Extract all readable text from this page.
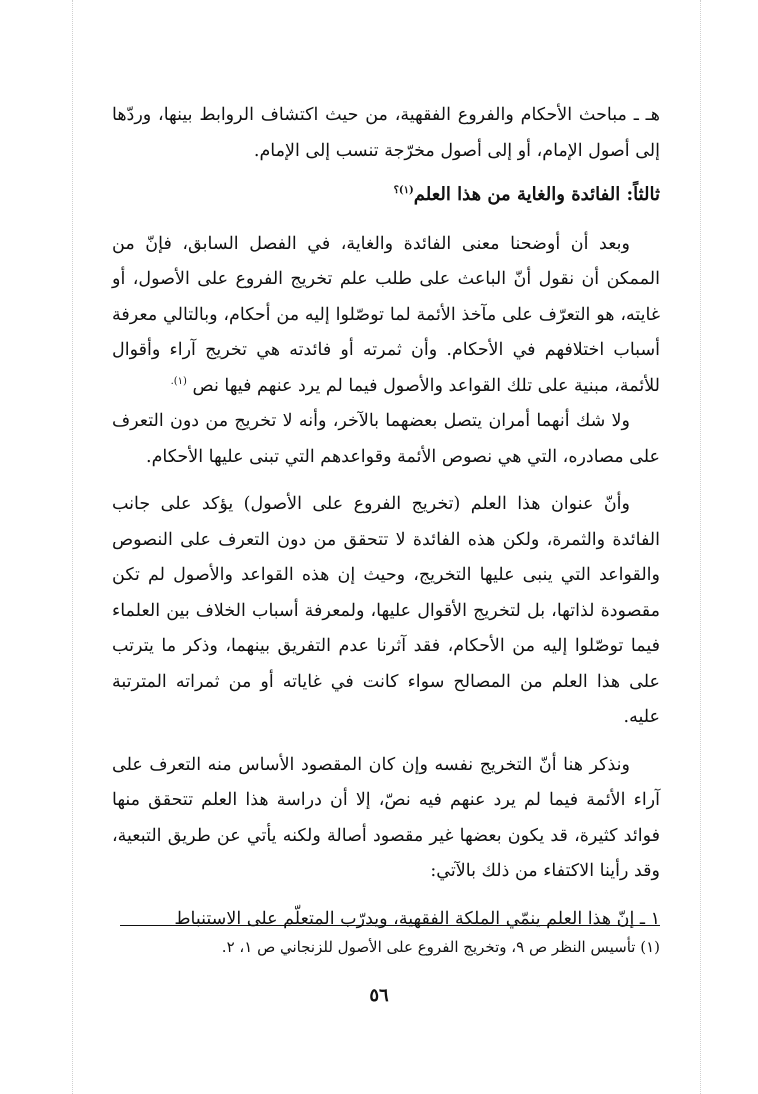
هـ ـ مباحث الأحكام والفروع الفقهية، من حيث اكتشاف الروابط بينها، وردّها إلى أصول الإمام، أو إلى أصول مخرّجة تنسب إلى الإمام.

ثالثاً: الفائدة والغاية من هذا العلم$^{(١)؟}$

وبعد أن أوضحنا معنى الفائدة والغاية، في الفصل السابق، فإنّ من الممكن أن نقول أنّ الباعث على طلب علم تخريج الفروع على الأصول، أو غايته، هو التعرّف على مآخذ الأئمة لما توصّلوا إليه من أحكام، وبالتالي معرفة أسباب اختلافهم في الأحكام. وأن ثمرته أو فائدته هي تخريج آراء وأقوال للأئمة، مبنية على تلك القواعد والأصول فيما لم يرد عنهم فيها نص $^{(١).}$

ولا شك أنهما أمران يتصل بعضهما بالآخر، وأنه لا تخريج من دون التعرف على مصادره، التي هي نصوص الأئمة وقواعدهم التي تبنى عليها الأحكام.

وأنّ عنوان هذا العلم (تخريج الفروع على الأصول) يؤكد على جانب الفائدة والثمرة، ولكن هذه الفائدة لا تتحقق من دون التعرف على النصوص والقواعد التي ينبى عليها التخريج، وحيث إن هذه القواعد والأصول لم تكن مقصودة لذاتها، بل لتخريج الأقوال عليها، ولمعرفة أسباب الخلاف بين العلماء فيما توصّلوا إليه من الأحكام، فقد آثرنا عدم التفريق بينهما، وذكر ما يترتب على هذا العلم من المصالح سواء كانت في غاياته أو من ثمراته المترتبة عليه.

ونذكر هنا أنّ التخريج نفسه وإن كان المقصود الأساس منه التعرف على آراء الأئمة فيما لم يرد عنهم فيه نصّ، إلا أن دراسة هذا العلم تتحقق منها فوائد كثيرة، قد يكون بعضها غير مقصود أصالة ولكنه يأتي عن طريق التبعية، وقد رأينا الاكتفاء من ذلك بالآتي:

١ ـ إنّ هذا العلم ينمّي الملكة الفقهية، ويدرّب المتعلّم على الاستنباط

(١) تأسيس النظر ص ٩، وتخريج الفروع على الأصول للزنجاني ص ١، ٢.
٥٦
